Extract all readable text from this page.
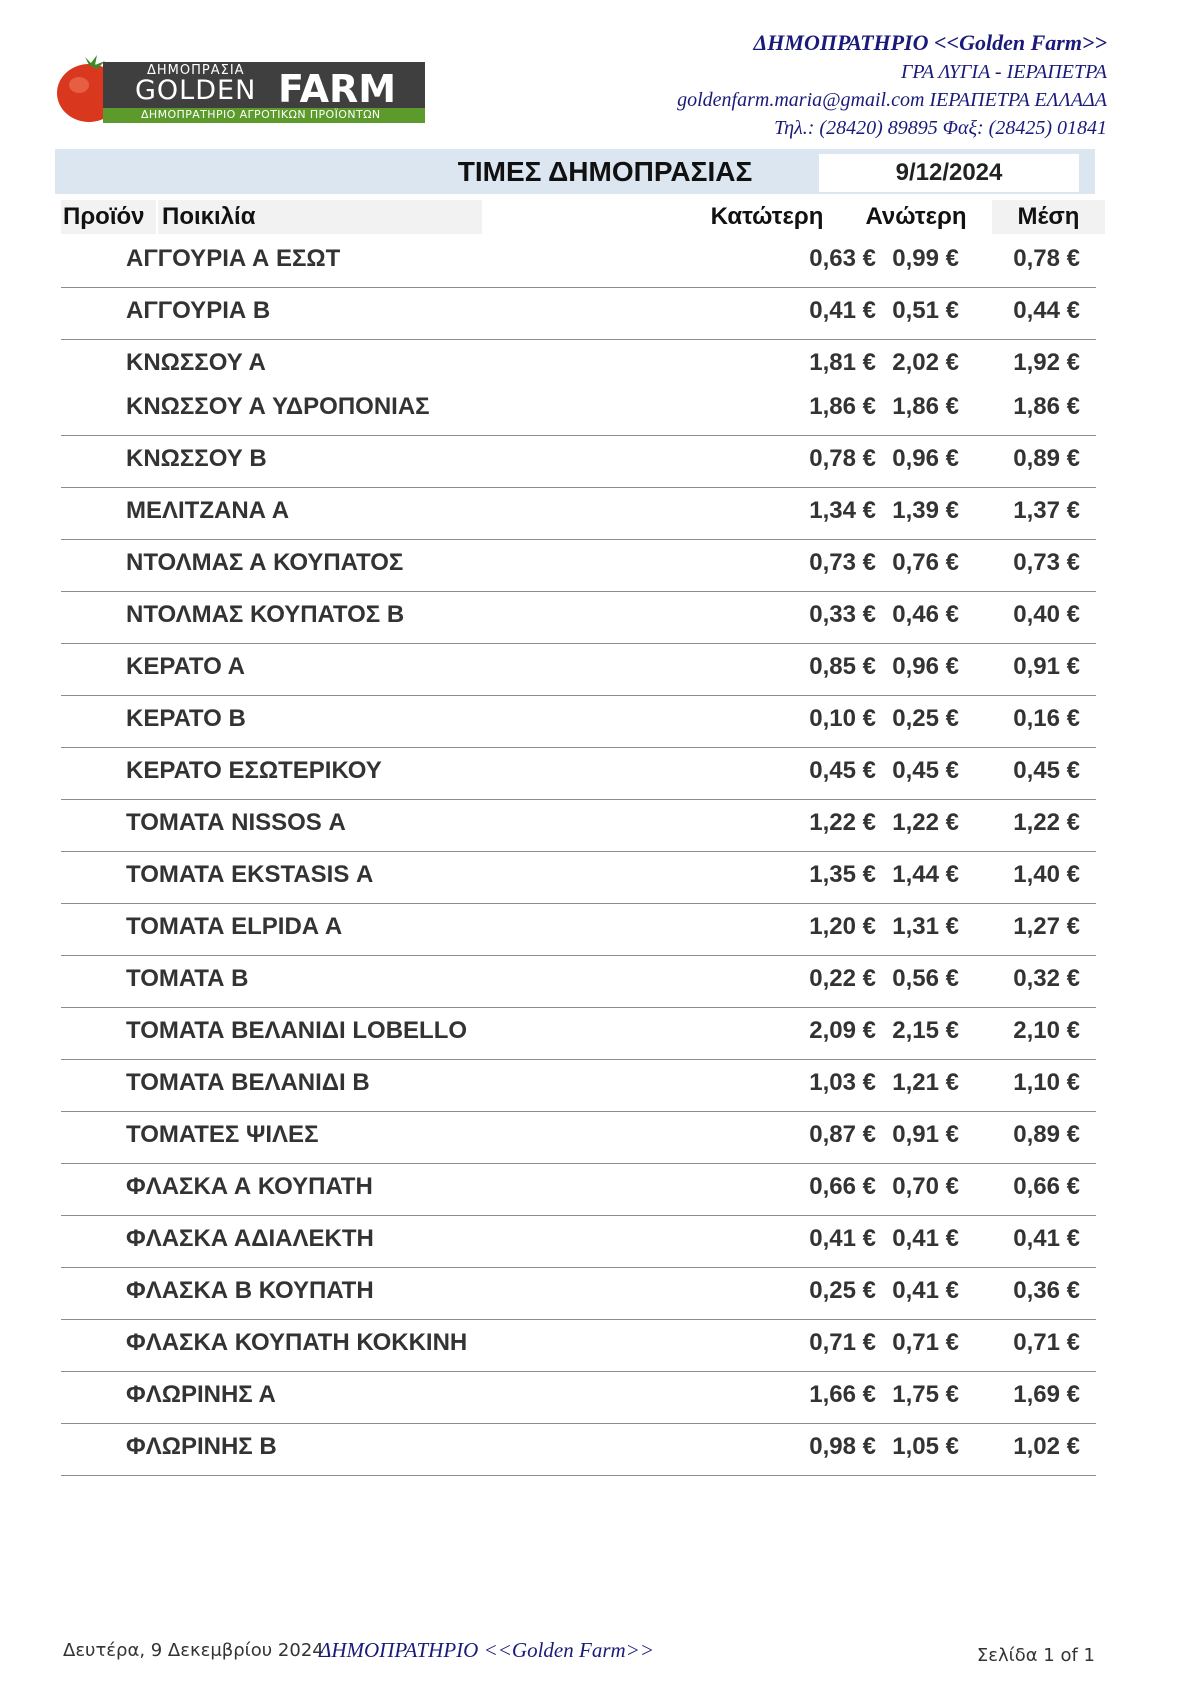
ΔΗΜΟΠΡΑΣΙΑ
GOLDEN FARM
ΔΗΜΟΠΡΑΤΗΡΙΟ ΑΓΡΟΤΙΚΩΝ ΠΡΟΪΟΝΤΩΝ
ΔΗΜΟΠΡΑΤΗΡΙΟ <<Golden Farm>>
ΓΡΑ ΛΥΓΙΑ - ΙΕΡΑΠΕΤΡΑ
goldenfarm.maria@gmail.com ΙΕΡΑΠΕΤΡΑ ΕΛΛΑΔΑ
Τηλ.: (28420) 89895 Φαξ: (28425) 01841
ΤΙΜΕΣ ΔΗΜΟΠΡΑΣΙΑΣ	9/12/2024
Προϊόν Ποικιλία	Κατώτερη	Ανώτερη	Μέση
ΑΓΓΟΥΡΙΑ Α ΕΣΩΤ	0,63 € 0,99 € 0,78 €
ΑΓΓΟΥΡΙΑ Β	0,41 € 0,51 € 0,44 €
ΚΝΩΣΣΟΥ Α	1,81 € 2,02 € 1,92 €
ΚΝΩΣΣΟΥ Α ΥΔΡΟΠΟΝΙΑΣ	1,86 € 1,86 € 1,86 €
ΚΝΩΣΣΟΥ Β	0,78 € 0,96 € 0,89 €
ΜΕΛΙΤΖΑΝΑ Α	1,34 € 1,39 € 1,37 €
ΝΤΟΛΜΑΣ Α ΚΟΥΠΑΤΟΣ	0,73 € 0,76 € 0,73 €
ΝΤΟΛΜΑΣ ΚΟΥΠΑΤΟΣ Β	0,33 € 0,46 € 0,40 €
ΚΕΡΑΤΟ Α	0,85 € 0,96 € 0,91 €
ΚΕΡΑΤΟ Β	0,10 € 0,25 € 0,16 €
ΚΕΡΑΤΟ ΕΣΩΤΕΡΙΚΟΥ	0,45 € 0,45 € 0,45 €
ΤΟΜΑΤΑ NISSOS Α	1,22 € 1,22 € 1,22 €
ΤΟΜΑΤΑ EKSTASIS Α	1,35 € 1,44 € 1,40 €
ΤΟΜΑΤΑ ELPIDA Α	1,20 € 1,31 € 1,27 €
ΤΟΜΑΤΑ Β	0,22 € 0,56 € 0,32 €
ΤΟΜΑΤΑ ΒΕΛΑΝΙΔΙ LOBELLO	2,09 € 2,15 € 2,10 €
ΤΟΜΑΤΑ ΒΕΛΑΝΙΔΙ Β	1,03 € 1,21 € 1,10 €
ΤΟΜΑΤΕΣ ΨΙΛΕΣ	0,87 € 0,91 € 0,89 €
ΦΛΑΣΚΑ Α ΚΟΥΠΑΤΗ	0,66 € 0,70 € 0,66 €
ΦΛΑΣΚΑ ΑΔΙΑΛΕΚΤΗ	0,41 € 0,41 € 0,41 €
ΦΛΑΣΚΑ Β ΚΟΥΠΑΤΗ	0,25 € 0,41 € 0,36 €
ΦΛΑΣΚΑ ΚΟΥΠΑΤΗ ΚΟΚΚΙΝΗ	0,71 € 0,71 € 0,71 €
ΦΛΩΡΙΝΗΣ Α	1,66 € 1,75 € 1,69 €
ΦΛΩΡΙΝΗΣ Β	0,98 € 1,05 € 1,02 €
Δευτέρα, 9 Δεκεμβρίου 2024
ΔΗΜΟΠΡΑΤΗΡΙΟ <<Golden Farm>>	Σελίδα 1 of 1
